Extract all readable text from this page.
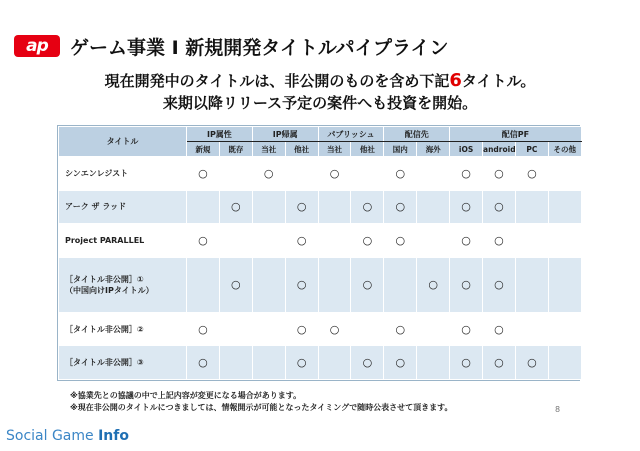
ap	ゲーム事業 I 新規開発タイトルパイプライン
現在開発中のタイトルは、非公開のものを含め下記6タイトル。
来期以降リリース予定の案件へも投資を開始。
タイトル	IP属性		IP帰属		パブリッシュ		配信先		配信PF			
	新規	既存	当社	他社	当社	他社	国内	海外	iOS	android	PC	その他

シンエンレジスト	○		○		○		○		○	○	○	

アーク ザ ラッド		○		○		○	○		○	○		

Project PARALLEL	○			○		○	○		○	○		

［タイトル非公開］①
（中国向けIPタイトル）		○		○		○		○	○	○		

［タイトル非公開］②	○			○	○		○		○	○		

［タイトル非公開］③	○			○		○	○		○	○	○	
※協業先との協議の中で上記内容が変更になる場合があります。
※現在非公開のタイトルにつきましては、情報開示が可能となったタイミングで随時公表させて頂きます。	8
Social Game Info
